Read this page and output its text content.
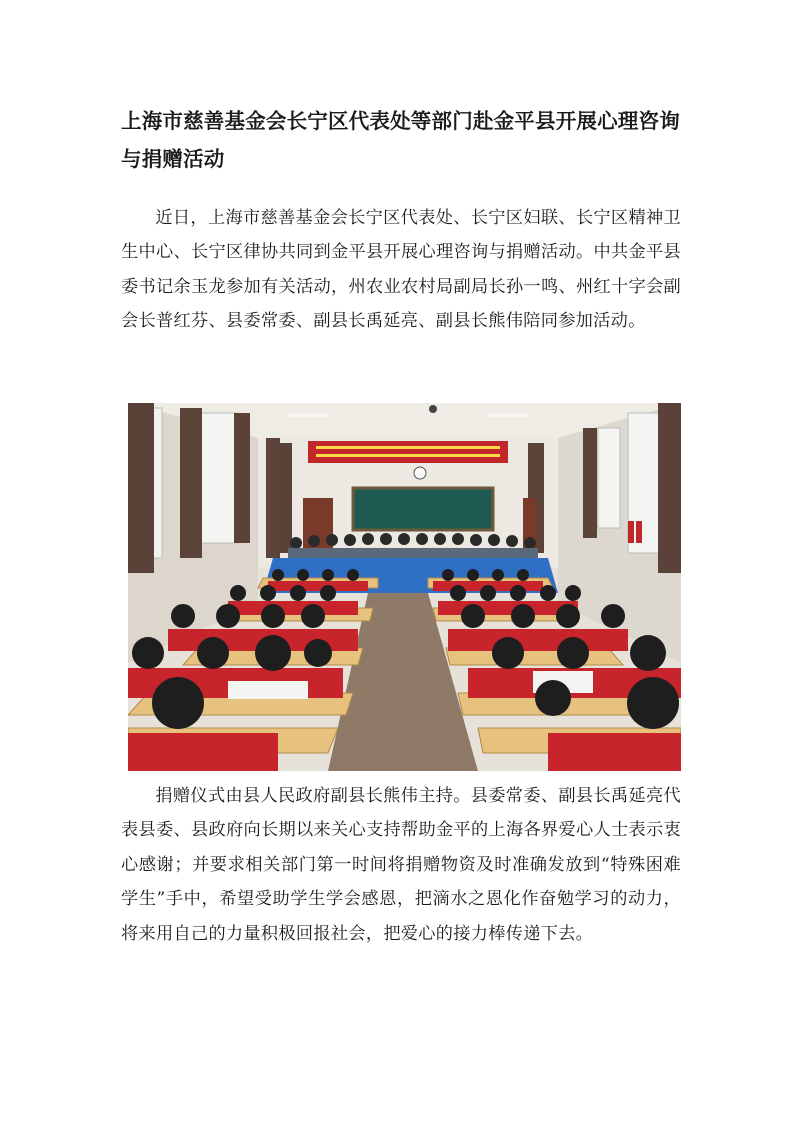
上海市慈善基金会长宁区代表处等部门赴金平县开展心理咨询与捐赠活动

近日，上海市慈善基金会长宁区代表处、长宁区妇联、长宁区精神卫生中心、长宁区律协共同到金平县开展心理咨询与捐赠活动。中共金平县委书记余玉龙参加有关活动，州农业农村局副局长孙一鸣、州红十字会副会长普红芬、县委常委、副县长禹延亮、副县长熊伟陪同参加活动。

捐赠仪式由县人民政府副县长熊伟主持。县委常委、副县长禹延亮代表县委、县政府向长期以来关心支持帮助金平的上海各界爱心人士表示衷心感谢；并要求相关部门第一时间将捐赠物资及时准确发放到“特殊困难学生”手中，希望受助学生学会感恩，把滴水之恩化作奋勉学习的动力，将来用自己的力量积极回报社会，把爱心的接力棒传递下去。
